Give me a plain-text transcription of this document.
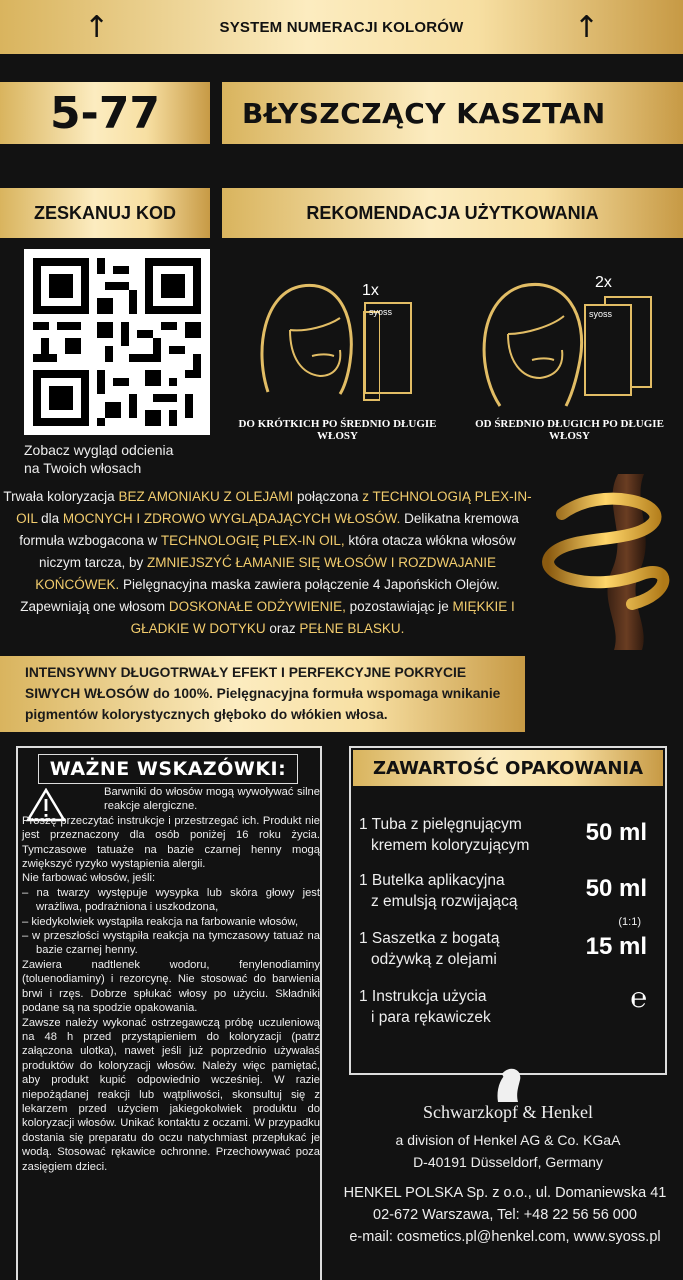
↑	SYSTEM NUMERACJI KOLORÓW	↑
5-77	BŁYSZCZĄCY KASZTAN
ZESKANUJ KOD	REKOMENDACJA UŻYTKOWANIA
Zobacz wygląd odcienia
na Twoich włosach
1x
syoss
DO KRÓTKICH PO ŚREDNIO DŁUGIE WŁOSY
2x
syoss
OD ŚREDNIO DŁUGICH PO DŁUGIE WŁOSY
Trwała koloryzacja BEZ AMONIAKU Z OLEJAMI połączona z TECHNOLOGIĄ PLEX-IN-OIL dla MOCNYCH I ZDROWO WYGLĄDAJĄCYCH WŁOSÓW. Delikatna kremowa formuła wzbogacona w TECHNOLOGIĘ PLEX-IN OIL, która otacza włókna włosów niczym tarcza, by ZMNIEJSZYĆ ŁAMANIE SIĘ WŁOSÓW I ROZDWAJANIE KOŃCÓWEK. Pielęgnacyjna maska zawiera połączenie 4 Japońskich Olejów. Zapewniają one włosom DOSKONAŁE ODŻYWIENIE, pozostawiając je MIĘKKIE I GŁADKIE W DOTYKU oraz PEŁNE BLASKU.
INTENSYWNY DŁUGOTRWAŁY EFEKT I PERFEKCYJNE POKRYCIE SIWYCH WŁOSÓW do 100%. Pielęgnacyjna formuła wspomaga wnikanie pigmentów kolorystycznych głęboko do włókien włosa.
WAŻNE WSKAZÓWKI:

Barwniki do włosów mogą wywoływać silne reakcje alergiczne.

Proszę przeczytać instrukcje i przestrzegać ich. Produkt nie jest przeznaczony dla osób poniżej 16 roku życia. Tymczasowe tatuaże na bazie czarnej henny mogą zwiększyć ryzyko wystąpienia alergii.

Nie farbować włosów, jeśli:

– na twarzy występuje wysypka lub skóra głowy jest wrażliwa, podrażniona i uszkodzona,

– kiedykolwiek wystąpiła reakcja na farbowanie włosów,

– w przeszłości wystąpiła reakcja na tymczasowy tatuaż na bazie czarnej henny.

Zawiera nadtlenek wodoru, fenylenodiaminy (toluenodiaminy) i rezorcynę. Nie stosować do barwienia brwi i rzęs. Dobrze spłukać włosy po użyciu. Składniki podane są na spodzie opakowania.

Zawsze należy wykonać ostrzegawczą próbę uczuleniową na 48 h przed przystąpieniem do koloryzacji (patrz załączona ulotka), nawet jeśli już poprzednio używałaś produktów do koloryzacji włosów. Należy więc pamiętać, aby produkt kupić odpowiednio wcześniej. W razie niepożądanej reakcji lub wątpliwości, skonsultuj się z lekarzem przed użyciem jakiegokolwiek produktu do koloryzacji włosów. Unikać kontaktu z oczami. W przypadku dostania się preparatu do oczu natychmiast przepłukać je wodą. Stosować rękawice ochronne. Przechowywać poza zasięgiem dzieci.

ZAWARTOŚĆ OPAKOWANIA
1 Tuba z pielęgnującym
kremem koloryzującym	50 ml
1 Butelka aplikacyjna
z emulsją rozwijającą	50 ml
(1:1)
1 Saszetka z bogatą
odżywką z olejami	15 ml
1 Instrukcja użycia
i para rękawiczek
℮
Schwarzkopf & Henkel
a division of Henkel AG & Co. KGaA
D-40191 Düsseldorf, Germany
HENKEL POLSKA Sp. z o.o., ul. Domaniewska 41
02-672 Warszawa, Tel: +48 22 56 56 000
e-mail: cosmetics.pl@henkel.com, www.syoss.pl
